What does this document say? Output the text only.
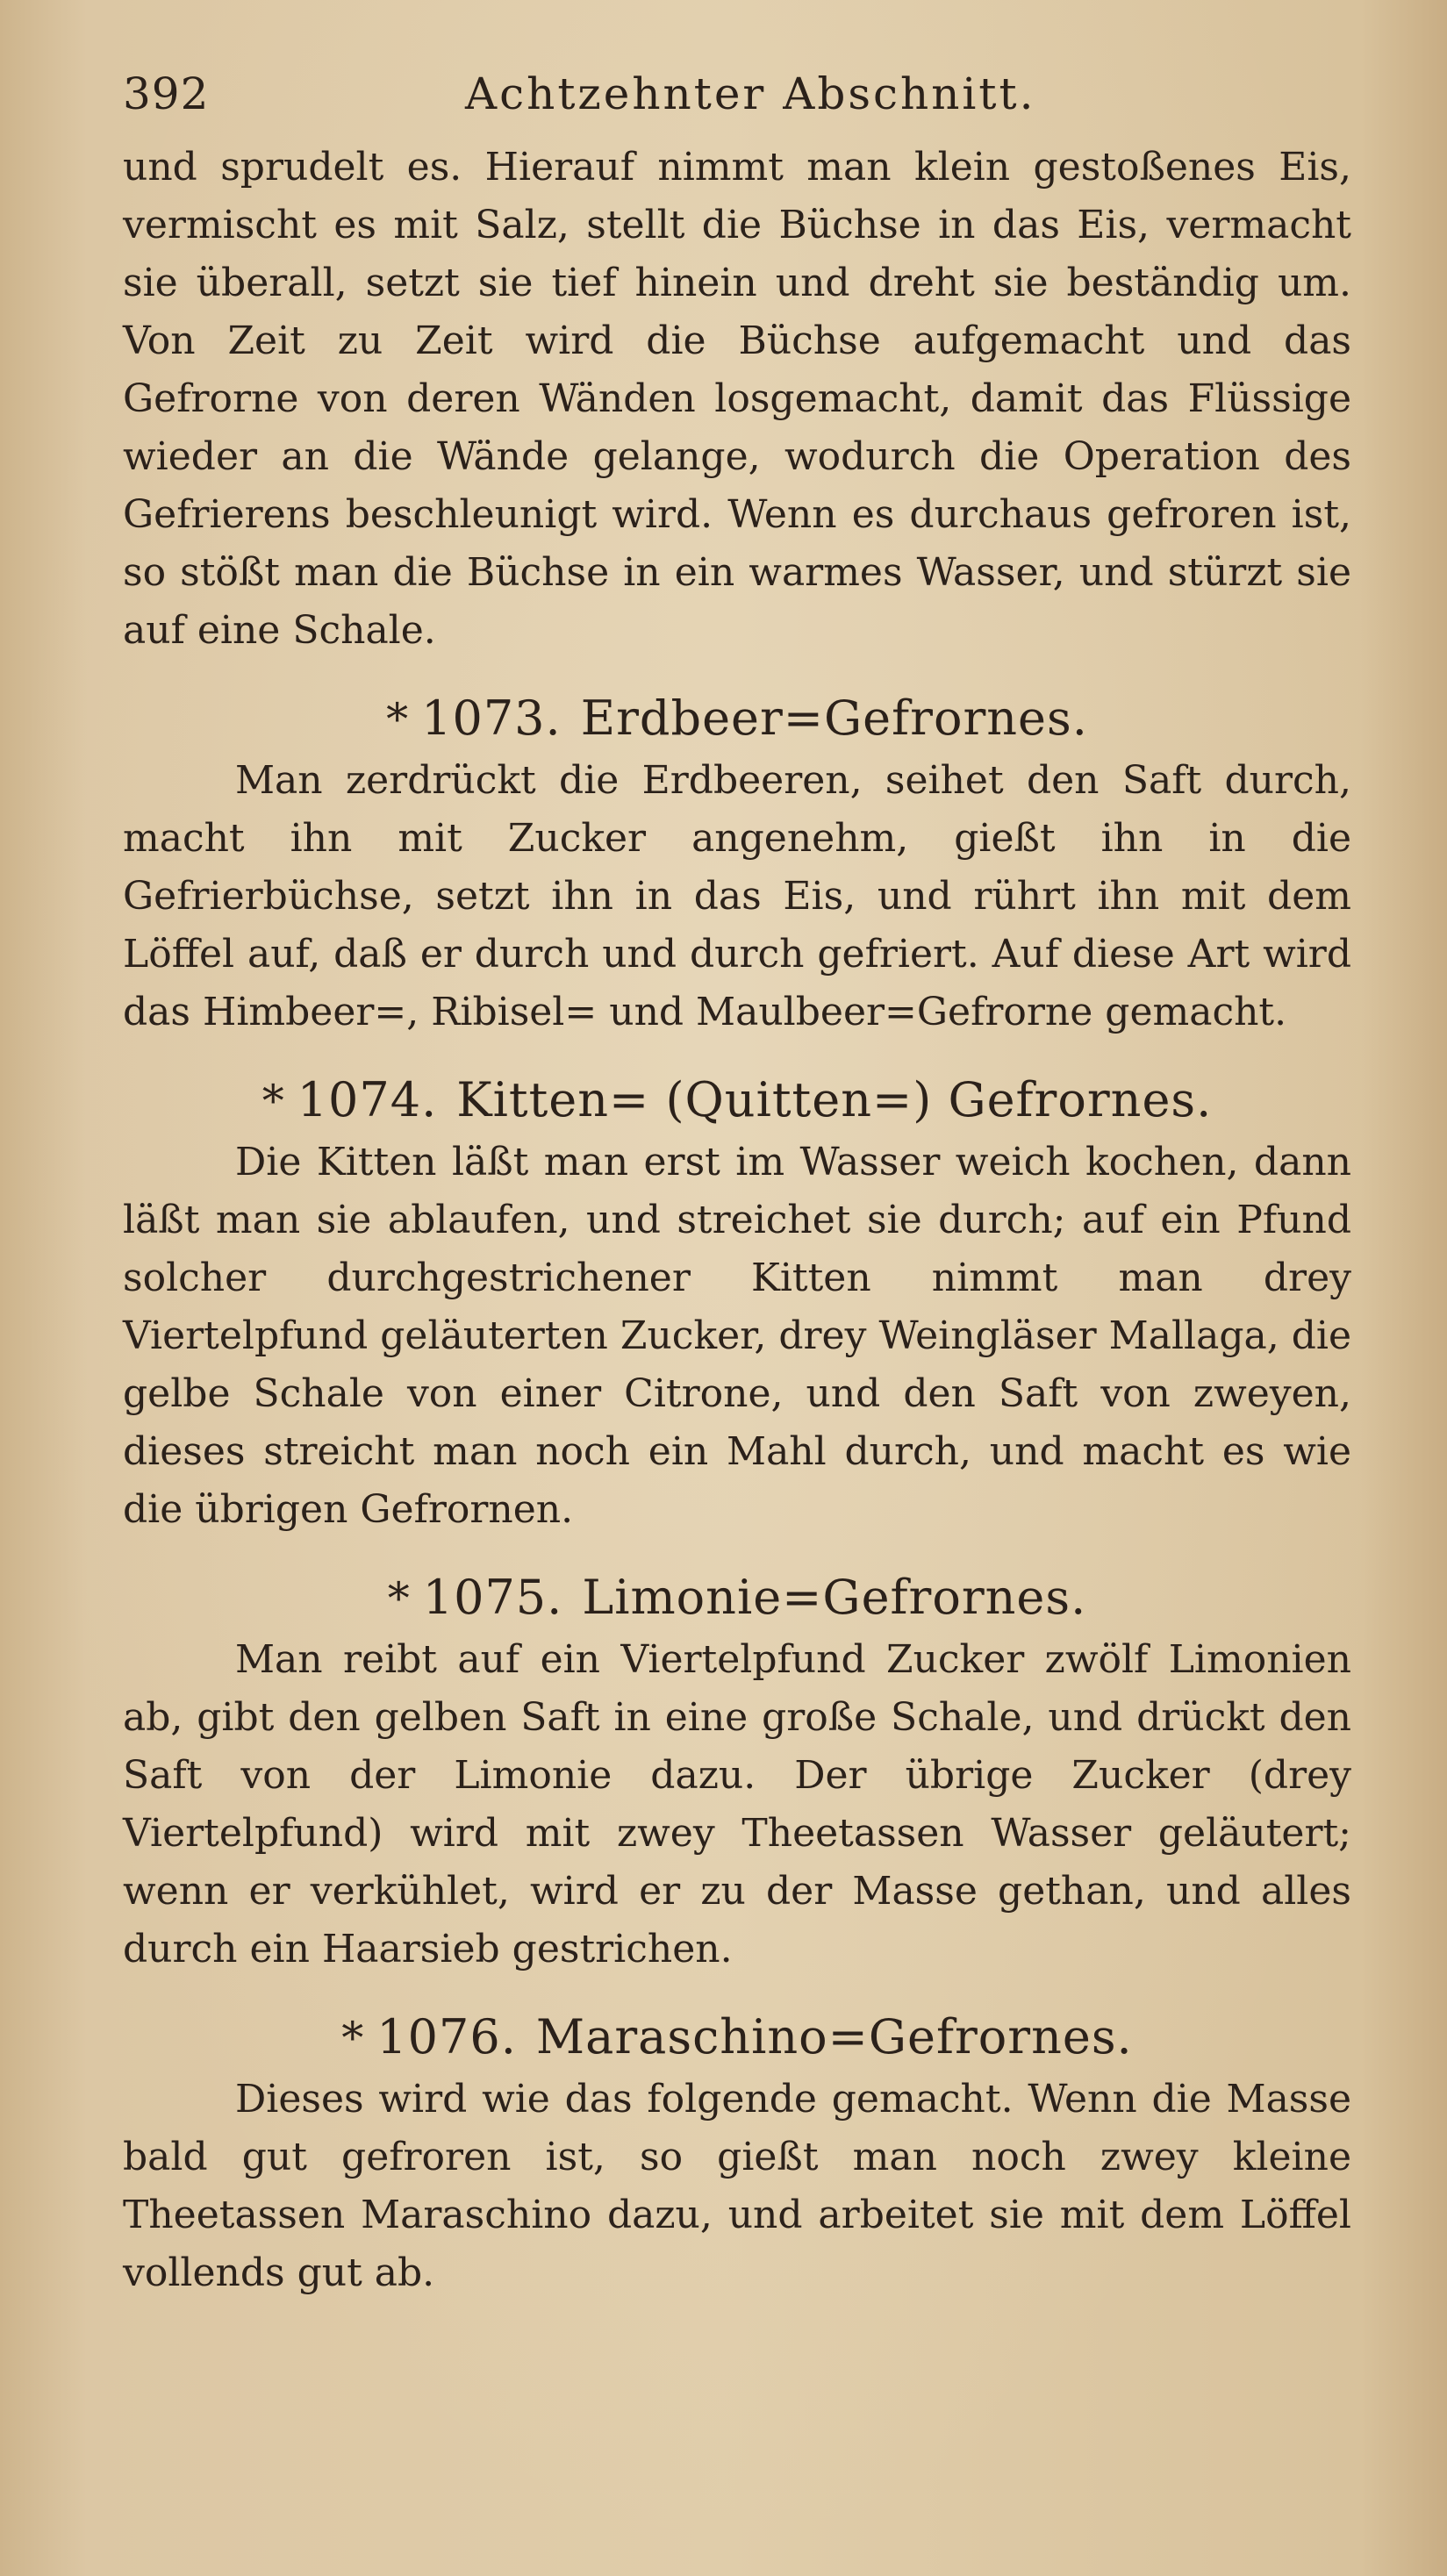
392	Achtzehnter Abschnitt.

und sprudelt es. Hierauf nimmt man klein gestoßenes Eis, vermischt es mit Salz, stellt die Büchse in das Eis, vermacht sie überall, setzt sie tief hinein und dreht sie beständig um. Von Zeit zu Zeit wird die Büchse aufgemacht und das Gefrorne von deren Wänden losgemacht, damit das Flüssige wieder an die Wände gelange, wodurch die Operation des Gefrierens beschleunigt wird. Wenn es durchaus gefroren ist, so stößt man die Büchse in ein warmes Wasser, und stürzt sie auf eine Schale.

* 1073. Erdbeer=Gefrornes.

Man zerdrückt die Erdbeeren, seihet den Saft durch, macht ihn mit Zucker angenehm, gießt ihn in die Gefrierbüchse, setzt ihn in das Eis, und rührt ihn mit dem Löffel auf, daß er durch und durch gefriert. Auf diese Art wird das Himbeer=, Ribisel= und Maulbeer=Gefrorne gemacht.

* 1074. Kitten= (Quitten=) Gefrornes.

Die Kitten läßt man erst im Wasser weich kochen, dann läßt man sie ablaufen, und streichet sie durch; auf ein Pfund solcher durchgestrichener Kitten nimmt man drey Viertelpfund geläuterten Zucker, drey Weingläser Mallaga, die gelbe Schale von einer Citrone, und den Saft von zweyen, dieses streicht man noch ein Mahl durch, und macht es wie die übrigen Gefrornen.

* 1075. Limonie=Gefrornes.

Man reibt auf ein Viertelpfund Zucker zwölf Limonien ab, gibt den gelben Saft in eine große Schale, und drückt den Saft von der Limonie dazu. Der übrige Zucker (drey Viertelpfund) wird mit zwey Theetassen Wasser geläutert; wenn er verkühlet, wird er zu der Masse gethan, und alles durch ein Haarsieb gestrichen.

* 1076. Maraschino=Gefrornes.

Dieses wird wie das folgende gemacht. Wenn die Masse bald gut gefroren ist, so gießt man noch zwey kleine Theetassen Maraschino dazu, und arbeitet sie mit dem Löffel vollends gut ab.
